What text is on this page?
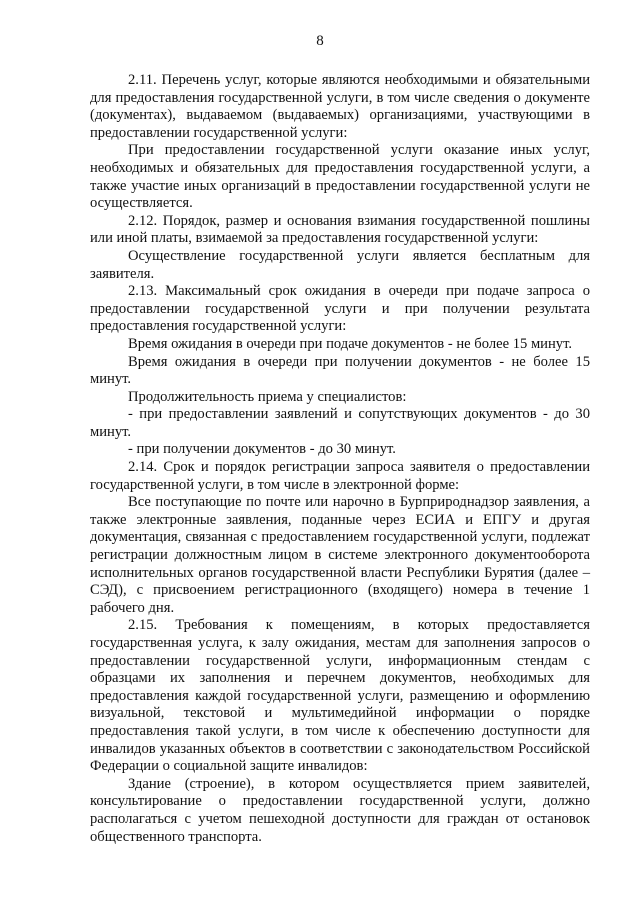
8

2.11. Перечень услуг, которые являются необходимыми и обязательными для предоставления государственной услуги, в том числе сведения о документе (документах), выдаваемом (выдаваемых) организациями, участвующими в предоставлении государственной услуги:

При предоставлении государственной услуги оказание иных услуг, необходимых и обязательных для предоставления государственной услуги, а также участие иных организаций в предоставлении государственной услуги не осуществляется.

2.12. Порядок, размер и основания взимания государственной пошлины или иной платы, взимаемой за предоставления государственной услуги:

Осуществление государственной услуги является бесплатным для заявителя.

2.13. Максимальный срок ожидания в очереди при подаче запроса о предоставлении государственной услуги и при получении результата предоставления государственной услуги:

Время ожидания в очереди при подаче документов - не более 15 минут.

Время ожидания в очереди при получении документов - не более 15 минут.

Продолжительность приема у специалистов:

- при предоставлении заявлений и сопутствующих документов - до 30 минут.

- при получении документов - до 30 минут.

2.14. Срок и порядок регистрации запроса заявителя о предоставлении государственной услуги, в том числе в электронной форме:

Все поступающие по почте или нарочно в Бурприроднадзор заявления, а также электронные заявления, поданные через ЕСИА и ЕПГУ и другая документация, связанная с предоставлением государственной услуги, подлежат регистрации должностным лицом в системе электронного документооборота исполнительных органов государственной власти Республики Бурятия (далее – СЭД), с присвоением регистрационного (входящего) номера в течение 1 рабочего дня.

2.15. Требования к помещениям, в которых предоставляется государственная услуга, к залу ожидания, местам для заполнения запросов о предоставлении государственной услуги, информационным стендам с образцами их заполнения и перечнем документов, необходимых для предоставления каждой государственной услуги, размещению и оформлению визуальной, текстовой и мультимедийной информации о порядке предоставления такой услуги, в том числе к обеспечению доступности для инвалидов указанных объектов в соответствии с законодательством Российской Федерации о социальной защите инвалидов:

Здание (строение), в котором осуществляется прием заявителей, консультирование о предоставлении государственной услуги, должно располагаться с учетом пешеходной доступности для граждан от остановок общественного транспорта.
